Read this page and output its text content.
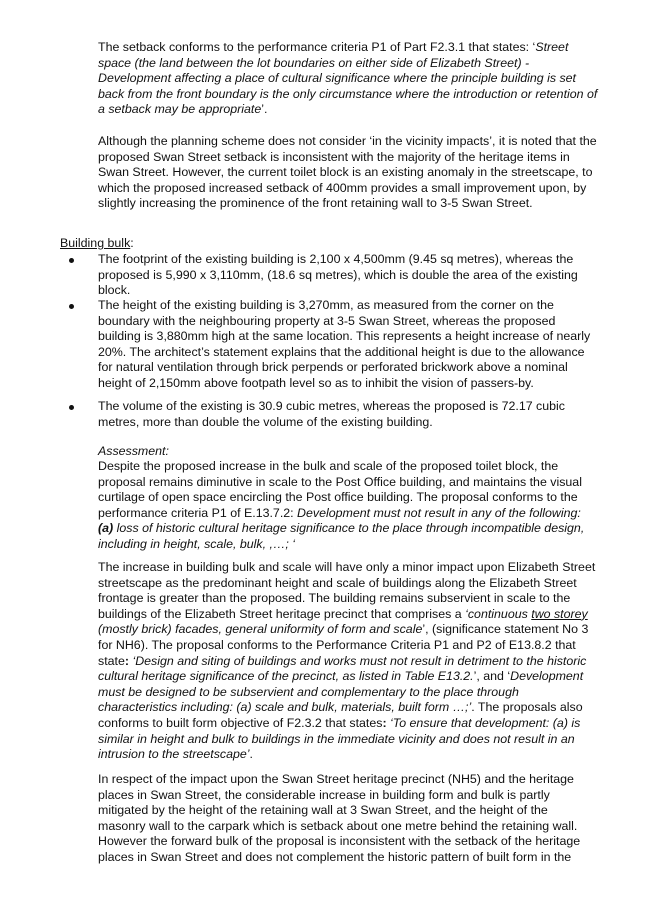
The setback conforms to the performance criteria P1 of Part F2.3.1 that states: ‘Street space (the land between the lot boundaries on either side of Elizabeth Street) - Development affecting a place of cultural significance where the principle building is set back from the front boundary is the only circumstance where the introduction or retention of a setback may be appropriate’.

Although the planning scheme does not consider ‘in the vicinity impacts’, it is noted that the proposed Swan Street setback is inconsistent with the majority of the heritage items in Swan Street. However, the current toilet block is an existing anomaly in the streetscape, to which the proposed increased setback of 400mm provides a small improvement upon, by slightly increasing the prominence of the front retaining wall to 3-5 Swan Street.

Building bulk:

The footprint of the existing building is 2,100 x 4,500mm (9.45 sq metres), whereas the proposed is 5,990 x 3,110mm, (18.6 sq metres), which is double the area of the existing block.

The height of the existing building is 3,270mm, as measured from the corner on the boundary with the neighbouring property at 3-5 Swan Street, whereas the proposed building is 3,880mm high at the same location. This represents a height increase of nearly 20%. The architect’s statement explains that the additional height is due to the allowance for natural ventilation through brick perpends or perforated brickwork above a nominal height of 2,150mm above footpath level so as to inhibit the vision of passers-by.

The volume of the existing is 30.9 cubic metres, whereas the proposed is 72.17 cubic metres, more than double the volume of the existing building.

Assessment:

Despite the proposed increase in the bulk and scale of the proposed toilet block, the proposal remains diminutive in scale to the Post Office building, and maintains the visual curtilage of open space encircling the Post office building. The proposal conforms to the performance criteria P1 of E.13.7.2: Development must not result in any of the following: (a) loss of historic cultural heritage significance to the place through incompatible design, including in height, scale, bulk, ,…; ‘

The increase in building bulk and scale will have only a minor impact upon Elizabeth Street streetscape as the predominant height and scale of buildings along the Elizabeth Street frontage is greater than the proposed. The building remains subservient in scale to the buildings of the Elizabeth Street heritage precinct that comprises a ‘continuous two storey (mostly brick) facades, general uniformity of form and scale’, (significance statement No 3 for NH6). The proposal conforms to the Performance Criteria P1 and P2 of E13.8.2 that state: ‘Design and siting of buildings and works must not result in detriment to the historic cultural heritage significance of the precinct, as listed in Table E13.2.’, and ‘Development must be designed to be subservient and complementary to the place through characteristics including: (a) scale and bulk, materials, built form …;’. The proposals also conforms to built form objective of F2.3.2 that states: ‘To ensure that development: (a) is similar in height and bulk to buildings in the immediate vicinity and does not result in an intrusion to the streetscape’.

In respect of the impact upon the Swan Street heritage precinct (NH5) and the heritage places in Swan Street, the considerable increase in building form and bulk is partly mitigated by the height of the retaining wall at 3 Swan Street, and the height of the masonry wall to the carpark which is setback about one metre behind the retaining wall. However the forward bulk of the proposal is inconsistent with the setback of the heritage places in Swan Street and does not complement the historic pattern of built form in the
